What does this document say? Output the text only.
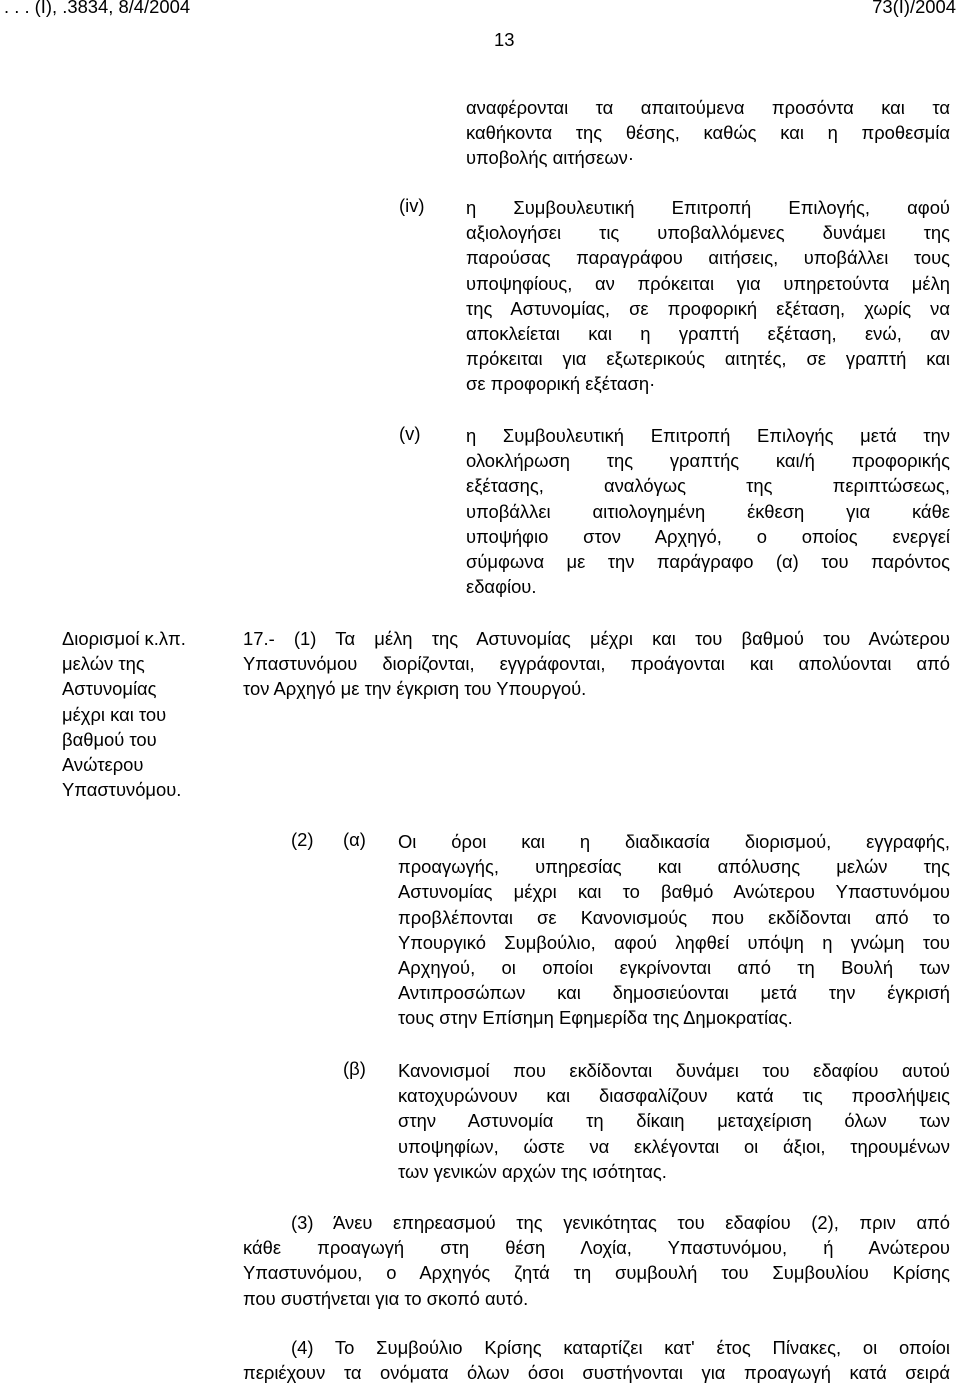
. . . (I), .3834, 8/4/2004	73(I)/2004
13
αναφέρονται τα απαιτούμενα προσόντα και τα
καθήκοντα της θέσης, καθώς και η προθεσμία
υποβολής αιτήσεων·
(iv) η Συμβουλευτική Επιτροπή Επιλογής, αφού
αξιολογήσει τις υποβαλλόμενες δυνάμει της
παρούσας παραγράφου αιτήσεις, υποβάλλει τους
υποψηφίους, αν πρόκειται για υπηρετούντα μέλη
της Αστυνομίας, σε προφορική εξέταση, χωρίς να
αποκλείεται και η γραπτή εξέταση, ενώ, αν
πρόκειται για εξωτερικούς αιτητές, σε γραπτή και
σε προφορική εξέταση·
(v) η Συμβουλευτική Επιτροπή Επιλογής μετά την
ολοκλήρωση της γραπτής και/ή προφορικής
εξέτασης, αναλόγως της περιπτώσεως,
υποβάλλει αιτιολογημένη έκθεση για κάθε
υποψήφιο στον Αρχηγό, ο οποίος ενεργεί
σύμφωνα με την παράγραφο (α) του παρόντος
εδαφίου.
Διορισμοί κ.λπ.
μελών της
Αστυνομίας
μέχρι και του
βαθμού του
Ανώτερου
Υπαστυνόμου.
17.- (1) Τα μέλη της Αστυνομίας μέχρι και του βαθμού του Ανώτερου
Υπαστυνόμου διορίζονται, εγγράφονται, προάγονται και απολύονται από
τον Αρχηγό με την έγκριση του Υπουργού.
(2) (α) Οι όροι και η διαδικασία διορισμού, εγγραφής,
προαγωγής, υπηρεσίας και απόλυσης μελών της
Αστυνομίας μέχρι και το βαθμό Ανώτερου Υπαστυνόμου
προβλέπονται σε Κανονισμούς που εκδίδονται από το
Υπουργικό Συμβούλιο, αφού ληφθεί υπόψη η γνώμη του
Αρχηγού, οι οποίοι εγκρίνονται από τη Βουλή των
Αντιπροσώπων και δημοσιεύονται μετά την έγκρισή
τους στην Επίσημη Εφημερίδα της Δημοκρατίας.
(β) Κανονισμοί που εκδίδονται δυνάμει του εδαφίου αυτού
κατοχυρώνουν και διασφαλίζουν κατά τις προσλήψεις
στην Αστυνομία τη δίκαιη μεταχείριση όλων των
υποψηφίων, ώστε να εκλέγονται οι άξιοι, τηρουμένων
των γενικών αρχών της ισότητας.
(3) Άνευ επηρεασμού της γενικότητας του εδαφίου (2), πριν από
κάθε προαγωγή στη θέση Λοχία, Υπαστυνόμου, ή Ανώτερου
Υπαστυνόμου, ο Αρχηγός ζητά τη συμβουλή του Συμβουλίου Κρίσης
που συστήνεται για το σκοπό αυτό.
(4) Το Συμβούλιο Κρίσης καταρτίζει κατ' έτος Πίνακες, οι οποίοι
περιέχουν τα ονόματα όλων όσοι συστήνονται για προαγωγή κατά σειρά
